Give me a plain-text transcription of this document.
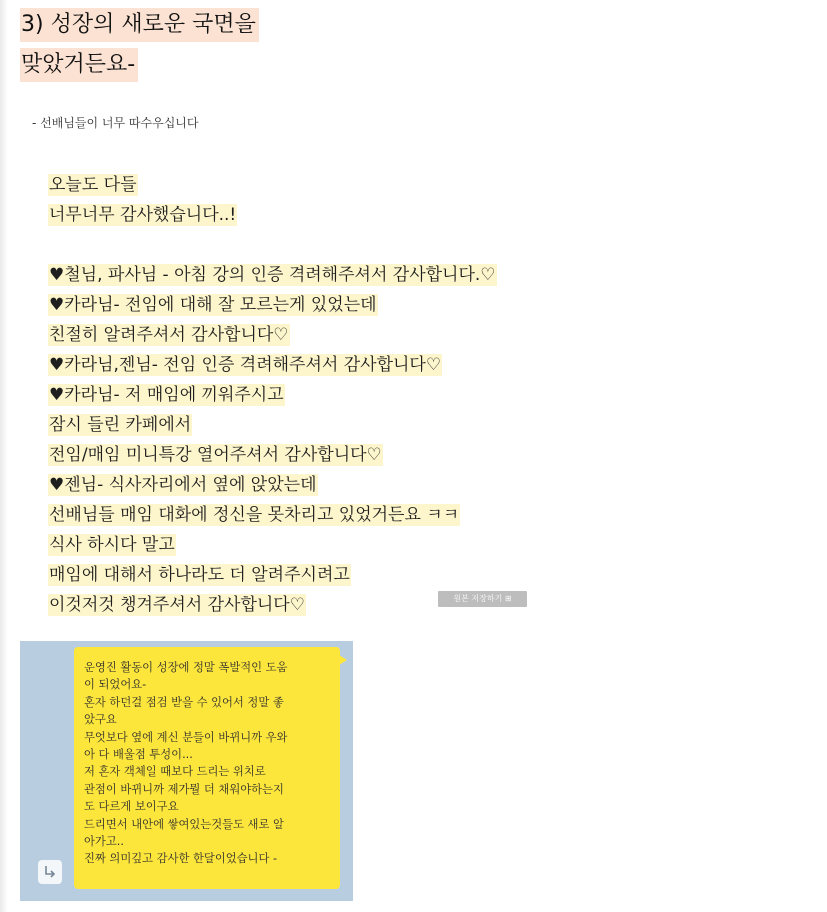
3) 성장의 새로운 국면을
맞았거든요-
- 선배님들이 너무 따수우십니다
오늘도 다들
너무너무 감사했습니다..!
♥철님, 파사님 - 아침 강의 인증 격려해주셔서 감사합니다.♡
♥카라님- 전임에 대해 잘 모르는게 있었는데
친절히 알려주셔서 감사합니다♡
♥카라님,젠님- 전임 인증 격려해주셔서 감사합니다♡
♥카라님- 저 매임에 끼워주시고
잠시 들린 카페에서
전임/매임 미니특강 열어주셔서 감사합니다♡
♥젠님- 식사자리에서 옆에 앉았는데
선배님들 매임 대화에 정신을 못차리고 있었거든요 ㅋㅋ
식사 하시다 말고
매임에 대해서 하나라도 더 알려주시려고
이것저것 챙겨주셔서 감사합니다♡	원본 저장하기 ⊞
운영진 활동이 성장에 정말 폭발적인 도움
이 되었어요-
혼자 하던걸 점검 받을 수 있어서 정말 좋
았구요
무엇보다 옆에 계신 분들이 바뀌니까 우와
아 다 배울점 투성이...
저 혼자 객체일 때보다 드리는 위치로
관점이 바뀌니까 제가뭘 더 채워야하는지
도 다르게 보이구요
드리면서 내안에 쌓여있는것들도 새로 알
아가고..
진짜 의미깊고 감사한 한달이었습니다 -
